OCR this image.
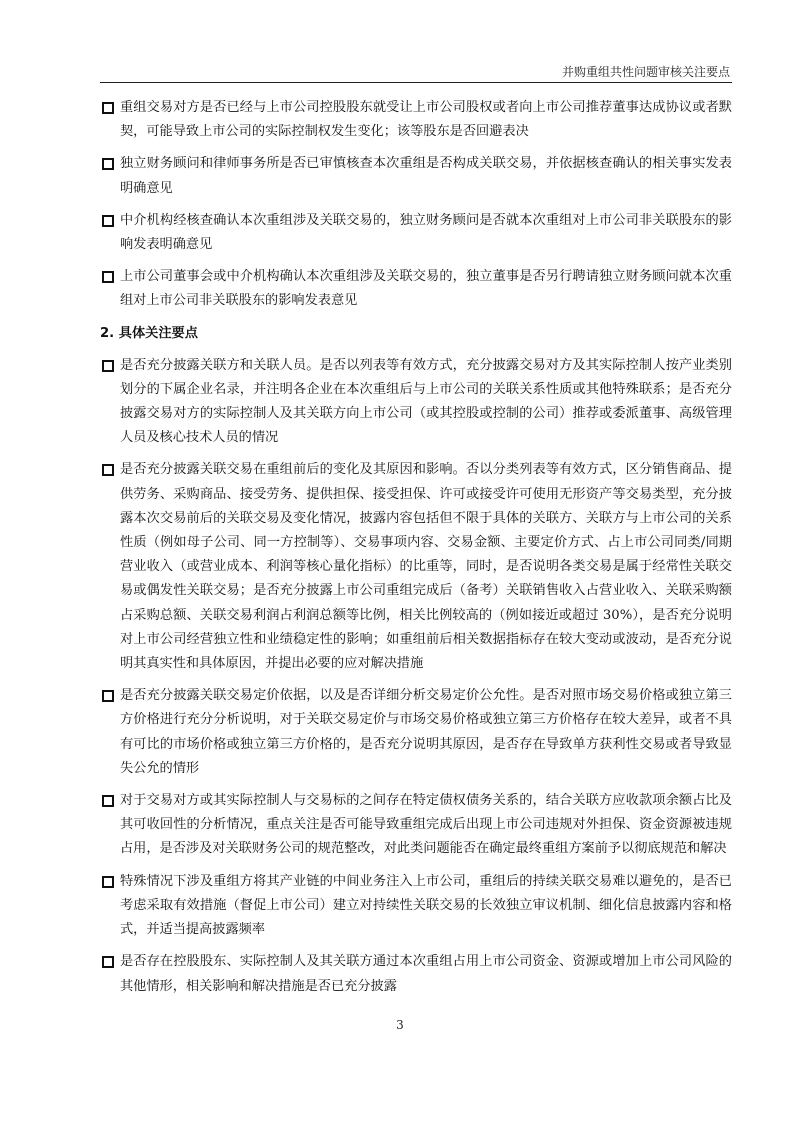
并购重组共性问题审核关注要点
重组交易对方是否已经与上市公司控股股东就受让上市公司股权或者向上市公司推荐董事达成协议或者默契，可能导致上市公司的实际控制权发生变化；该等股东是否回避表决
独立财务顾问和律师事务所是否已审慎核查本次重组是否构成关联交易，并依据核查确认的相关事实发表明确意见
中介机构经核查确认本次重组涉及关联交易的，独立财务顾问是否就本次重组对上市公司非关联股东的影响发表明确意见
上市公司董事会或中介机构确认本次重组涉及关联交易的，独立董事是否另行聘请独立财务顾问就本次重组对上市公司非关联股东的影响发表意见
2. 具体关注要点
是否充分披露关联方和关联人员。是否以列表等有效方式，充分披露交易对方及其实际控制人按产业类别划分的下属企业名录，并注明各企业在本次重组后与上市公司的关联关系性质或其他特殊联系；是否充分披露交易对方的实际控制人及其关联方向上市公司（或其控股或控制的公司）推荐或委派董事、高级管理人员及核心技术人员的情况
是否充分披露关联交易在重组前后的变化及其原因和影响。否以分类列表等有效方式，区分销售商品、提供劳务、采购商品、接受劳务、提供担保、接受担保、许可或接受许可使用无形资产等交易类型，充分披露本次交易前后的关联交易及变化情况，披露内容包括但不限于具体的关联方、关联方与上市公司的关系性质（例如母子公司、同一方控制等）、交易事项内容、交易金额、主要定价方式、占上市公司同类/同期营业收入（或营业成本、利润等核心量化指标）的比重等，同时，是否说明各类交易是属于经常性关联交易或偶发性关联交易；是否充分披露上市公司重组完成后（备考）关联销售收入占营业收入、关联采购额占采购总额、关联交易利润占利润总额等比例，相关比例较高的（例如接近或超过 30%），是否充分说明对上市公司经营独立性和业绩稳定性的影响；如重组前后相关数据指标存在较大变动或波动，是否充分说明其真实性和具体原因，并提出必要的应对解决措施
是否充分披露关联交易定价依据，以及是否详细分析交易定价公允性。是否对照市场交易价格或独立第三方价格进行充分分析说明，对于关联交易定价与市场交易价格或独立第三方价格存在较大差异，或者不具有可比的市场价格或独立第三方价格的，是否充分说明其原因，是否存在导致单方获利性交易或者导致显失公允的情形
对于交易对方或其实际控制人与交易标的之间存在特定债权债务关系的，结合关联方应收款项余额占比及其可收回性的分析情况，重点关注是否可能导致重组完成后出现上市公司违规对外担保、资金资源被违规占用，是否涉及对关联财务公司的规范整改，对此类问题能否在确定最终重组方案前予以彻底规范和解决
特殊情况下涉及重组方将其产业链的中间业务注入上市公司，重组后的持续关联交易难以避免的，是否已考虑采取有效措施（督促上市公司）建立对持续性关联交易的长效独立审议机制、细化信息披露内容和格式，并适当提高披露频率
是否存在控股股东、实际控制人及其关联方通过本次重组占用上市公司资金、资源或增加上市公司风险的其他情形，相关影响和解决措施是否已充分披露
3
